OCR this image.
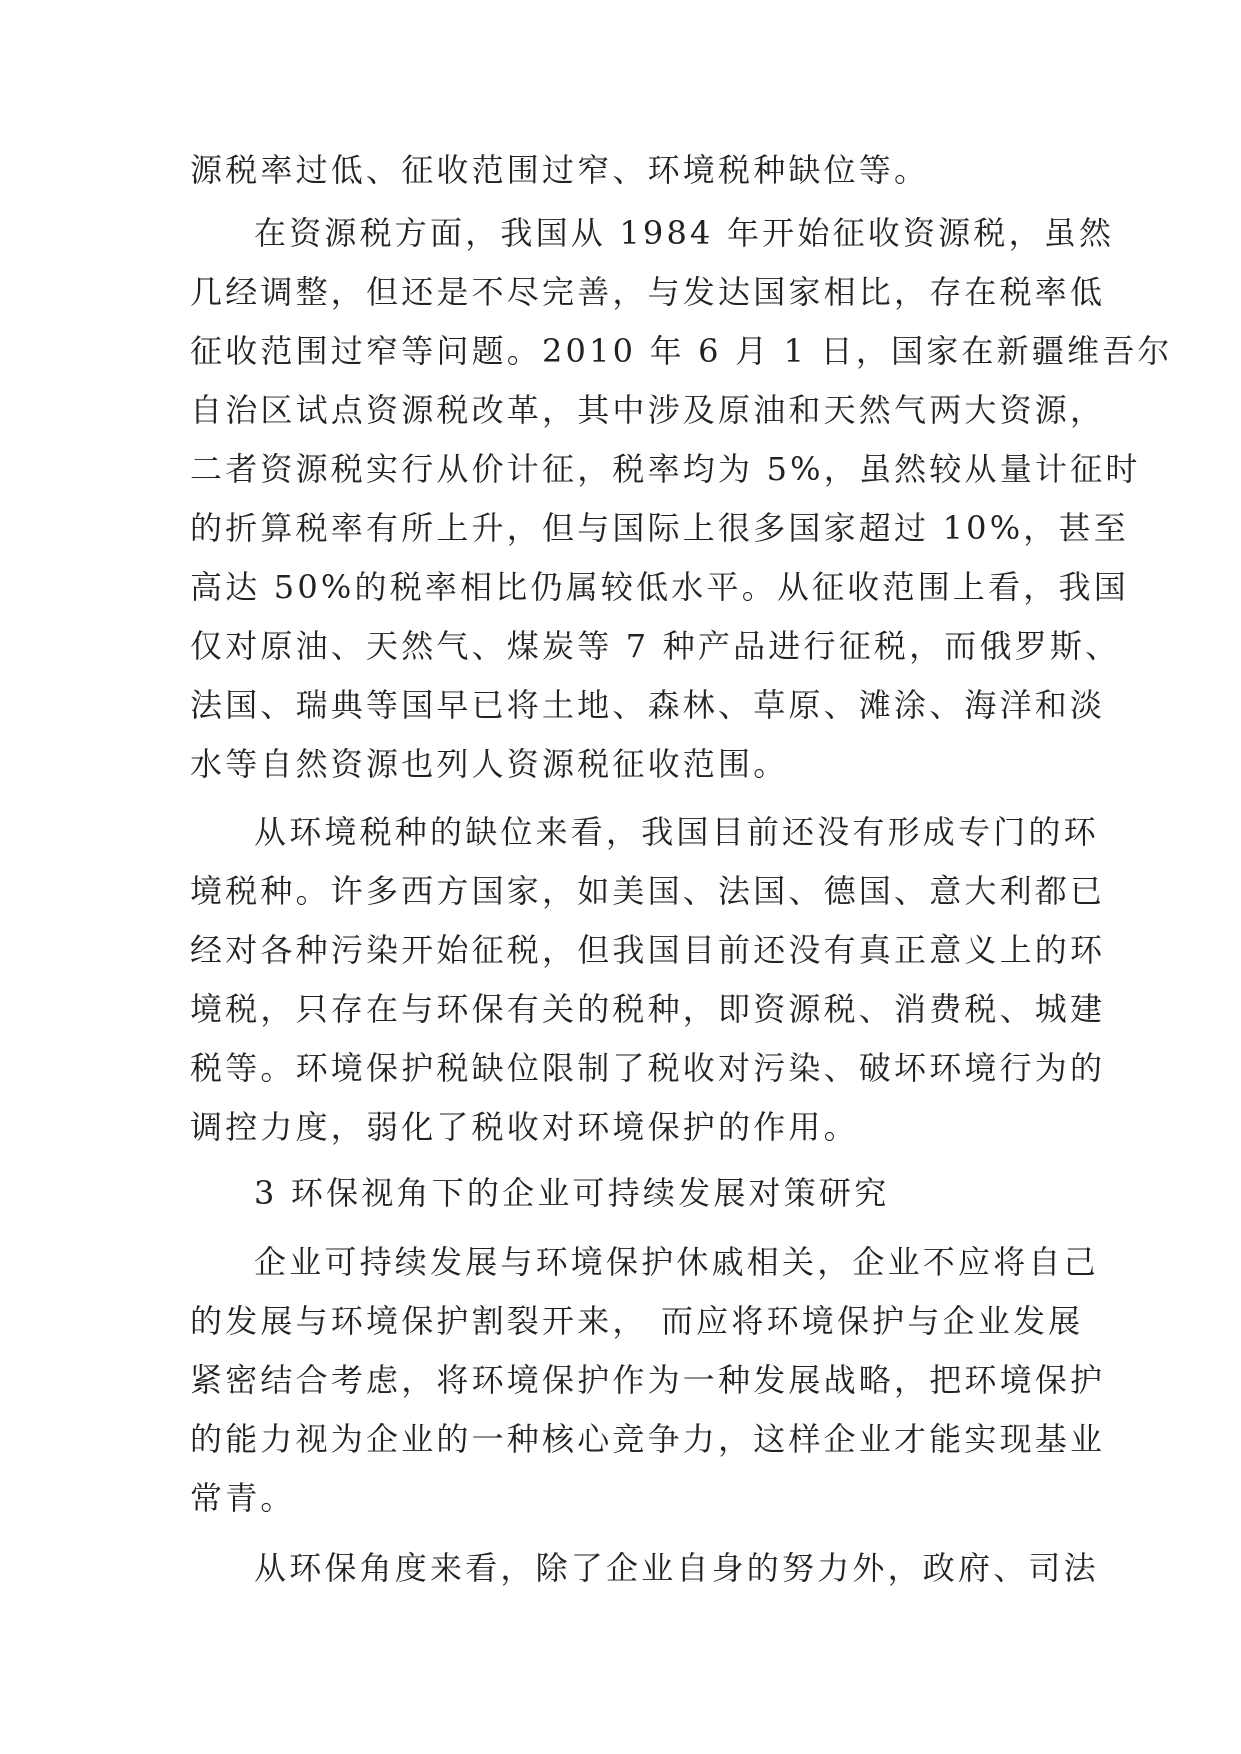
源税率过低、征收范围过窄、环境税种缺位等。
在资源税方面，我国从 1984 年开始征收资源税，虽然
几经调整，但还是不尽完善，与发达国家相比，存在税率低
征收范围过窄等问题。2010 年 6 月 1 日，国家在新疆维吾尔
自治区试点资源税改革，其中涉及原油和天然气两大资源，
二者资源税实行从价计征，税率均为 5%，虽然较从量计征时
的折算税率有所上升，但与国际上很多国家超过 10%，甚至
高达 50%的税率相比仍属较低水平。从征收范围上看，我国
仅对原油、天然气、煤炭等 7 种产品进行征税，而俄罗斯、
法国、瑞典等国早已将土地、森林、草原、滩涂、海洋和淡
水等自然资源也列人资源税征收范围。
从环境税种的缺位来看，我国目前还没有形成专门的环
境税种。许多西方国家，如美国、法国、德国、意大利都已
经对各种污染开始征税，但我国目前还没有真正意义上的环
境税，只存在与环保有关的税种，即资源税、消费税、城建
税等。环境保护税缺位限制了税收对污染、破坏环境行为的
调控力度，弱化了税收对环境保护的作用。
3 环保视角下的企业可持续发展对策研究
企业可持续发展与环境保护休戚相关，企业不应将自己
的发展与环境保护割裂开来， 而应将环境保护与企业发展
紧密结合考虑，将环境保护作为一种发展战略，把环境保护
的能力视为企业的一种核心竞争力，这样企业才能实现基业
常青。
从环保角度来看，除了企业自身的努力外，政府、司法
